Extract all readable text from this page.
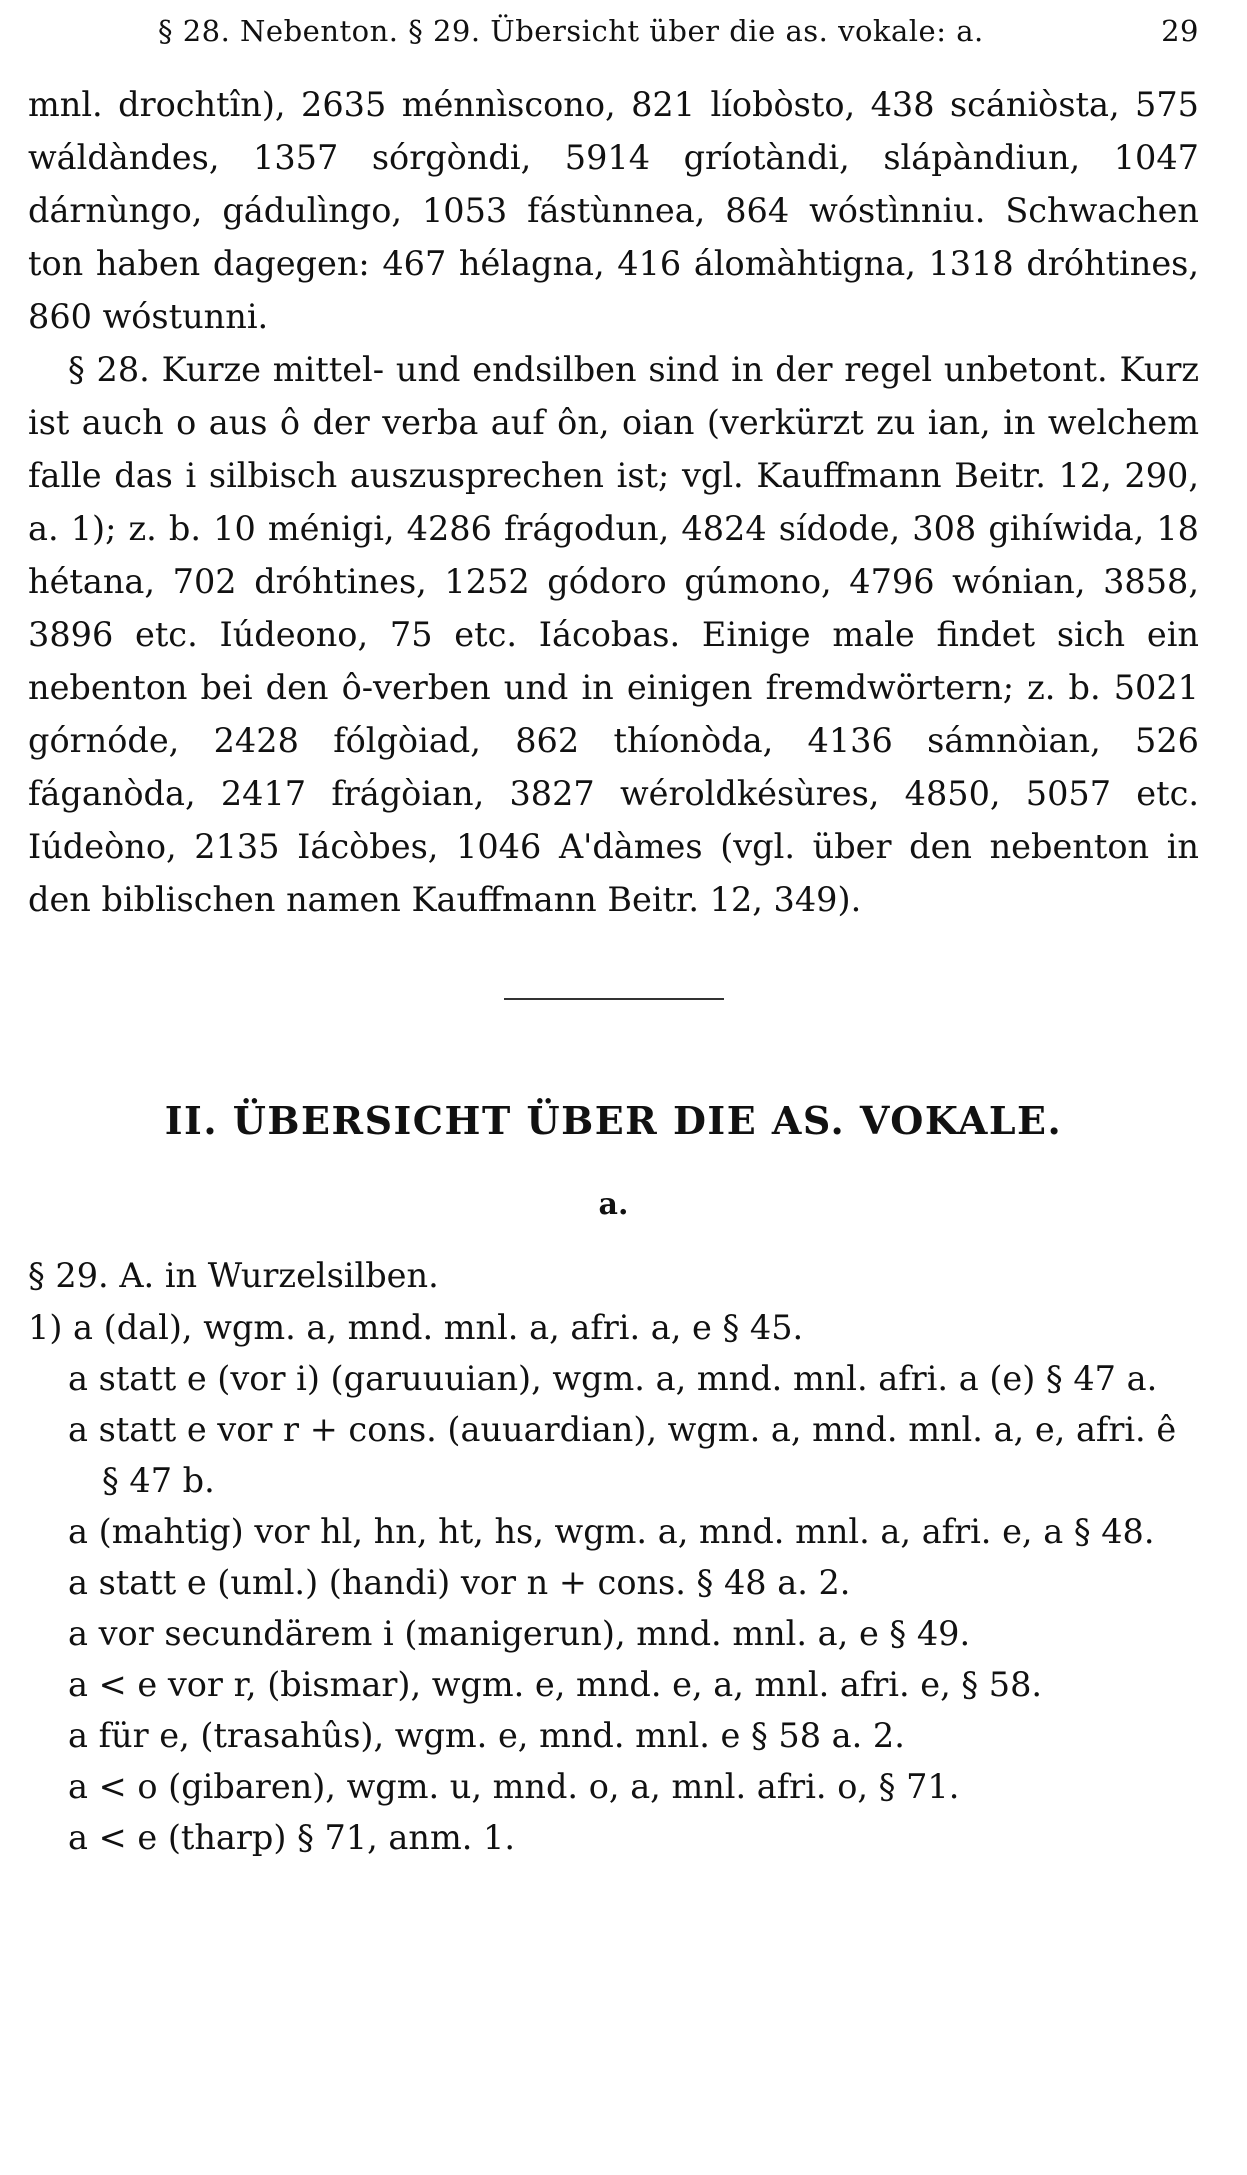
§ 28. Nebenton. § 29. Übersicht über die as. vokale: a.	29

mnl. drochtîn), 2635 ménnìscono, 821 líobòsto, 438 scániòsta, 575 wáldàndes, 1357 sórgòndi, 5914 gríotàndi, slápàndiun, 1047 dárnùngo, gádulìngo, 1053 fástùnnea, 864 wóstìnniu. Schwachen ton haben dagegen: 467 hélagna, 416 álomàhtigna, 1318 dróhtines, 860 wóstunni.

§ 28. Kurze mittel- und endsilben sind in der regel unbetont. Kurz ist auch o aus ô der verba auf ôn, oian (verkürzt zu ian, in welchem falle das i silbisch auszusprechen ist; vgl. Kauffmann Beitr. 12, 290, a. 1); z. b. 10 ménigi, 4286 frágodun, 4824 sídode, 308 gihíwida, 18 hétana, 702 dróhtines, 1252 gódoro gúmono, 4796 wónian, 3858, 3896 etc. Iúdeono, 75 etc. Iácobas. Einige male findet sich ein nebenton bei den ô-verben und in einigen fremdwörtern; z. b. 5021 górnóde, 2428 fólgòiad, 862 thíonòda, 4136 sámnòian, 526 fáganòda, 2417 frágòian, 3827 wéroldkésùres, 4850, 5057 etc. Iúdeòno, 2135 Iácòbes, 1046 A'dàmes (vgl. über den nebenton in den biblischen namen Kauffmann Beitr. 12, 349).

II. ÜBERSICHT ÜBER DIE AS. VOKALE.
a.
§ 29. A. in Wurzelsilben.
1) a (dal), wgm. a, mnd. mnl. a, afri. a, e § 45.
a statt e (vor i) (garuuuian), wgm. a, mnd. mnl. afri. a (e) § 47 a.
a statt e vor r + cons. (auuardian), wgm. a, mnd. mnl. a, e, afri. ê § 47 b.
a (mahtig) vor hl, hn, ht, hs, wgm. a, mnd. mnl. a, afri. e, a § 48.
a statt e (uml.) (handi) vor n + cons. § 48 a. 2.
a vor secundärem i (manigerun), mnd. mnl. a, e § 49.
a < e vor r, (bismar), wgm. e, mnd. e, a, mnl. afri. e, § 58.
a für e, (trasahûs), wgm. e, mnd. mnl. e § 58 a. 2.
a < o (gibaren), wgm. u, mnd. o, a, mnl. afri. o, § 71.
a < e (tharp) § 71, anm. 1.
